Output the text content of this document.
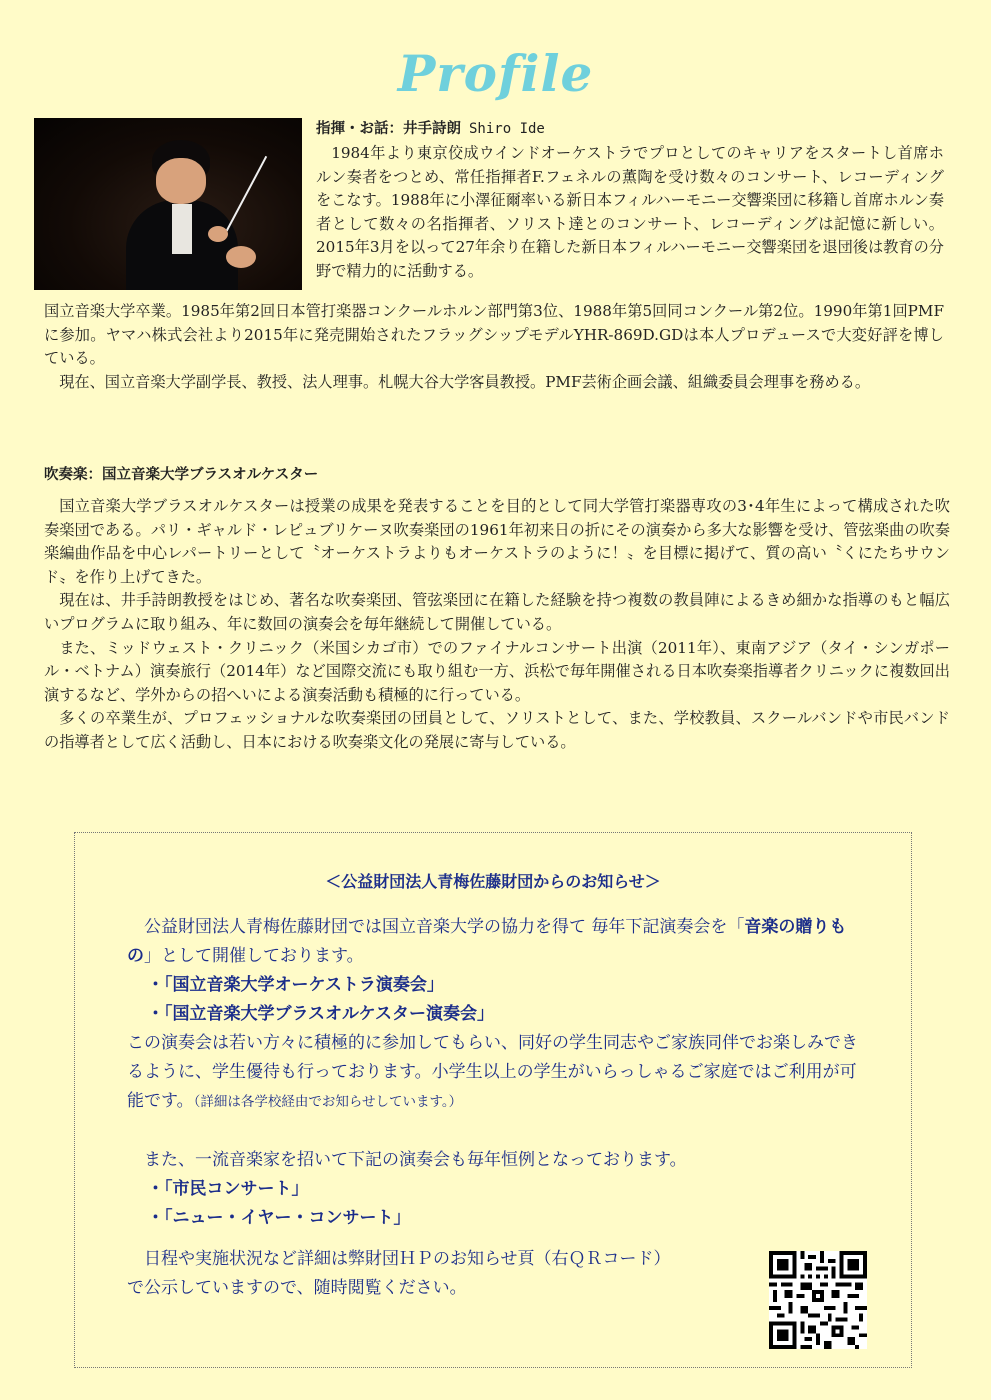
Profile

指揮・お話：井手詩朗 Shiro Ide

1984年より東京佼成ウインドオーケストラでプロとしてのキャリアをスタートし首席ホルン奏者をつとめ、常任指揮者F.フェネルの薫陶を受け数々のコンサート、レコーディングをこなす。1988年に小澤征爾率いる新日本フィルハーモニー交響楽団に移籍し首席ホルン奏者として数々の名指揮者、ソリスト達とのコンサート、レコーディングは記憶に新しい。2015年3月を以って27年余り在籍した新日本フィルハーモニー交響楽団を退団後は教育の分野で精力的に活動する。

国立音楽大学卒業。1985年第2回日本管打楽器コンクールホルン部門第3位、1988年第5回同コンクール第2位。1990年第1回PMFに参加。ヤマハ株式会社より2015年に発売開始されたフラッグシップモデルYHR-869D.GDは本人プロデュースで大変好評を博している。

現在、国立音楽大学副学長、教授、法人理事。札幌大谷大学客員教授。PMF芸術企画会議、組織委員会理事を務める。

吹奏楽：国立音楽大学ブラスオルケスター

国立音楽大学ブラスオルケスターは授業の成果を発表することを目的として同大学管打楽器専攻の3･4年生によって構成された吹奏楽団である。パリ・ギャルド・レピュブリケーヌ吹奏楽団の1961年初来日の折にその演奏から多大な影響を受け、管弦楽曲の吹奏楽編曲作品を中心レパートリーとして〝オーケストラよりもオーケストラのように！〟を目標に掲げて、質の高い〝くにたちサウンド〟を作り上げてきた。

現在は、井手詩朗教授をはじめ、著名な吹奏楽団、管弦楽団に在籍した経験を持つ複数の教員陣によるきめ細かな指導のもと幅広いプログラムに取り組み、年に数回の演奏会を毎年継続して開催している。

また、ミッドウェスト・クリニック（米国シカゴ市）でのファイナルコンサート出演（2011年）、東南アジア（タイ・シンガポール・ベトナム）演奏旅行（2014年）など国際交流にも取り組む一方、浜松で毎年開催される日本吹奏楽指導者クリニックに複数回出演するなど、学外からの招へいによる演奏活動も積極的に行っている。

多くの卒業生が、プロフェッショナルな吹奏楽団の団員として、ソリストとして、また、学校教員、スクールバンドや市民バンドの指導者として広く活動し、日本における吹奏楽文化の発展に寄与している。

＜公益財団法人青梅佐藤財団からのお知らせ＞

　公益財団法人青梅佐藤財団では国立音楽大学の協力を得て 毎年下記演奏会を「音楽の贈りもの」として開催しております。

・「国立音楽大学オーケストラ演奏会」

・「国立音楽大学ブラスオルケスター演奏会」

この演奏会は若い方々に積極的に参加してもらい、同好の学生同志やご家族同伴でお楽しみできるように、学生優待も行っております。小学生以上の学生がいらっしゃるご家庭ではご利用が可能です。（詳細は各学校経由でお知らせしています。）

　また、一流音楽家を招いて下記の演奏会も毎年恒例となっております。

・「市民コンサート」

・「ニュー・イヤー・コンサート」

　日程や実施状況など詳細は弊財団ＨＰのお知らせ頁（右ＱＲコード）

で公示していますので、随時閲覧ください。
